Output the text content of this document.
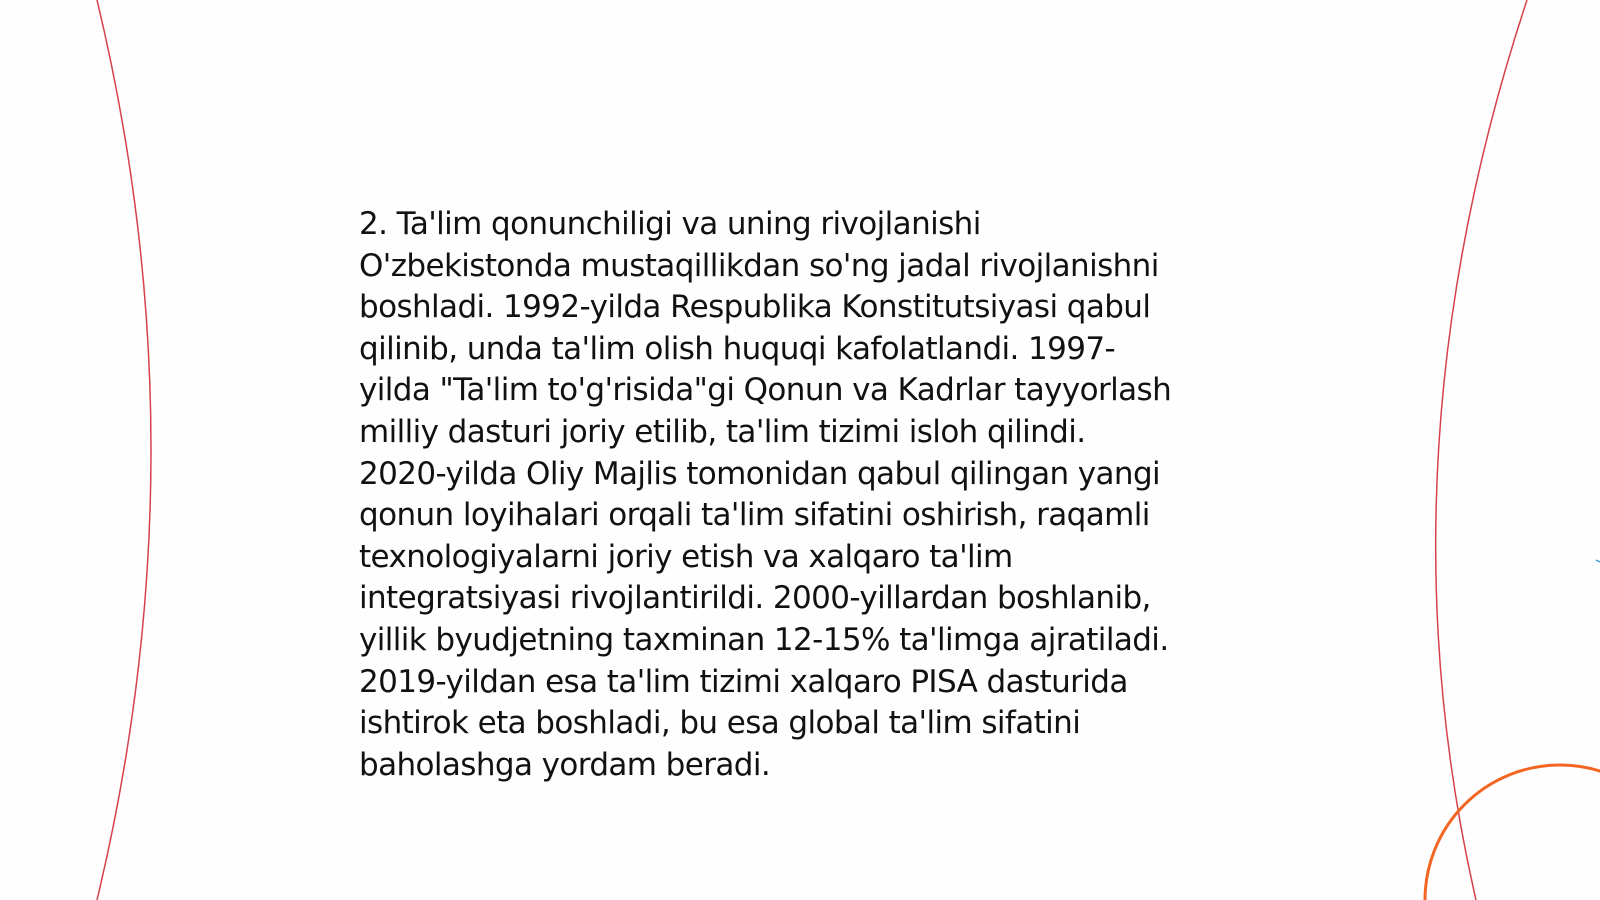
2. Ta'lim qonunchiligi va uning rivojlanishi
O'zbekistonda mustaqillikdan so'ng jadal rivojlanishni
boshladi. 1992-yilda Respublika Konstitutsiyasi qabul
qilinib, unda ta'lim olish huquqi kafolatlandi. 1997-
yilda "Ta'lim to'g'risida"gi Qonun va Kadrlar tayyorlash
milliy dasturi joriy etilib, ta'lim tizimi isloh qilindi.
2020-yilda Oliy Majlis tomonidan qabul qilingan yangi
qonun loyihalari orqali ta'lim sifatini oshirish, raqamli
texnologiyalarni joriy etish va xalqaro ta'lim
integratsiyasi rivojlantirildi. 2000-yillardan boshlanib,
yillik byudjetning taxminan 12-15% ta'limga ajratiladi.
2019-yildan esa ta'lim tizimi xalqaro PISA dasturida
ishtirok eta boshladi, bu esa global ta'lim sifatini
baholashga yordam beradi.
